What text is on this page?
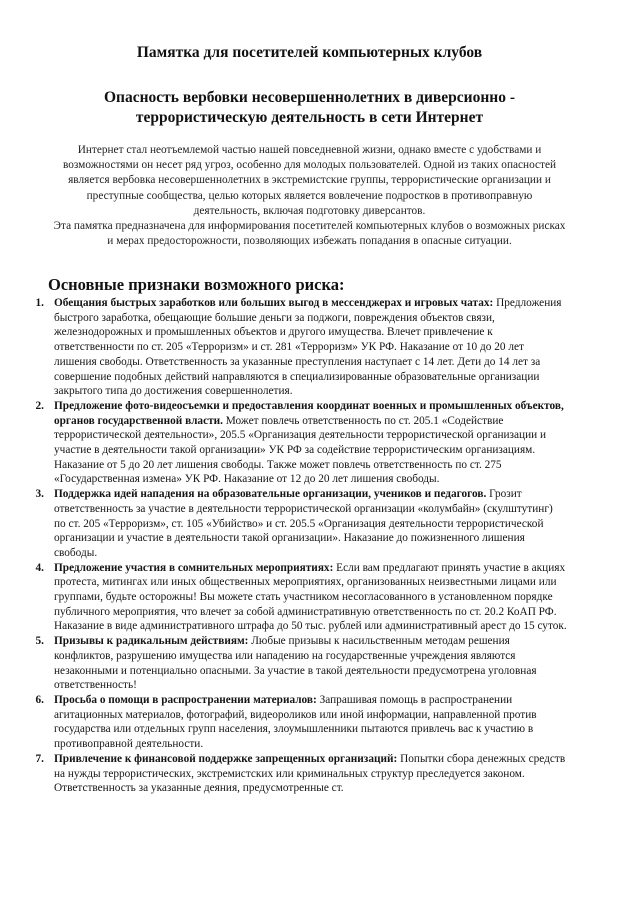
Памятка для посетителей компьютерных клубов
Опасность вербовки несовершеннолетних в диверсионно - террористическую деятельность в сети Интернет

Интернет стал неотъемлемой частью нашей повседневной жизни, однако вместе с удобствами и возможностями он несет ряд угроз, особенно для молодых пользователей. Одной из таких опасностей является вербовка несовершеннолетних в экстремистские группы, террористические организации и преступные сообщества, целью которых является вовлечение подростков в противоправную деятельность, включая подготовку диверсантов.

Эта памятка предназначена для информирования посетителей компьютерных клубов о возможных рисках и мерах предосторожности, позволяющих избежать попадания в опасные ситуации.

Основные признаки возможного риска:
1. Обещания быстрых заработков или больших выгод в мессенджерах и игровых чатах: Предложения быстрого заработка, обещающие большие деньги за поджоги, повреждения объектов связи, железнодорожных и промышленных объектов и другого имущества. Влечет привлечение к ответственности по ст. 205 «Терроризм» и ст. 281 «Терроризм» УК РФ. Наказание от 10 до 20 лет лишения свободы. Ответственность за указанные преступления наступает с 14 лет. Дети до 14 лет за совершение подобных действий направляются в специализированные образовательные организации закрытого типа до достижения совершеннолетия.
2. Предложение фото-видеосъемки и предоставления координат военных и промышленных объектов, органов государственной власти. Может повлечь ответственность по ст. 205.1 «Содействие террористической деятельности», 205.5 «Организация деятельности террористической организации и участие в деятельности такой организации» УК РФ за содействие террористическим организациям. Наказание от 5 до 20 лет лишения свободы. Также может повлечь ответственность по ст. 275 «Государственная измена» УК РФ. Наказание от 12 до 20 лет лишения свободы.
3. Поддержка идей нападения на образовательные организации, учеников и педагогов. Грозит ответственность за участие в деятельности террористической организации «колумбайн» (скулштутинг) по ст. 205 «Терроризм», ст. 105 «Убийство» и ст. 205.5 «Организация деятельности террористической организации и участие в деятельности такой организации». Наказание до пожизненного лишения свободы.
4. Предложение участия в сомнительных мероприятиях: Если вам предлагают принять участие в акциях протеста, митингах или иных общественных мероприятиях, организованных неизвестными лицами или группами, будьте осторожны! Вы можете стать участником несогласованного в установленном порядке публичного мероприятия, что влечет за собой административную ответственность по ст. 20.2 КоАП РФ. Наказание в виде административного штрафа до 50 тыс. рублей или административный арест до 15 суток.
5. Призывы к радикальным действиям: Любые призывы к насильственным методам решения конфликтов, разрушению имущества или нападению на государственные учреждения являются незаконными и потенциально опасными. За участие в такой деятельности предусмотрена уголовная ответственность!
6. Просьба о помощи в распространении материалов: Запрашивая помощь в распространении агитационных материалов, фотографий, видеороликов или иной информации, направленной против государства или отдельных групп населения, злоумышленники пытаются привлечь вас к участию в противоправной деятельности.
7. Привлечение к финансовой поддержке запрещенных организаций: Попытки сбора денежных средств на нужды террористических, экстремистских или криминальных структур преследуется законом. Ответственность за указанные деяния, предусмотренные ст.
